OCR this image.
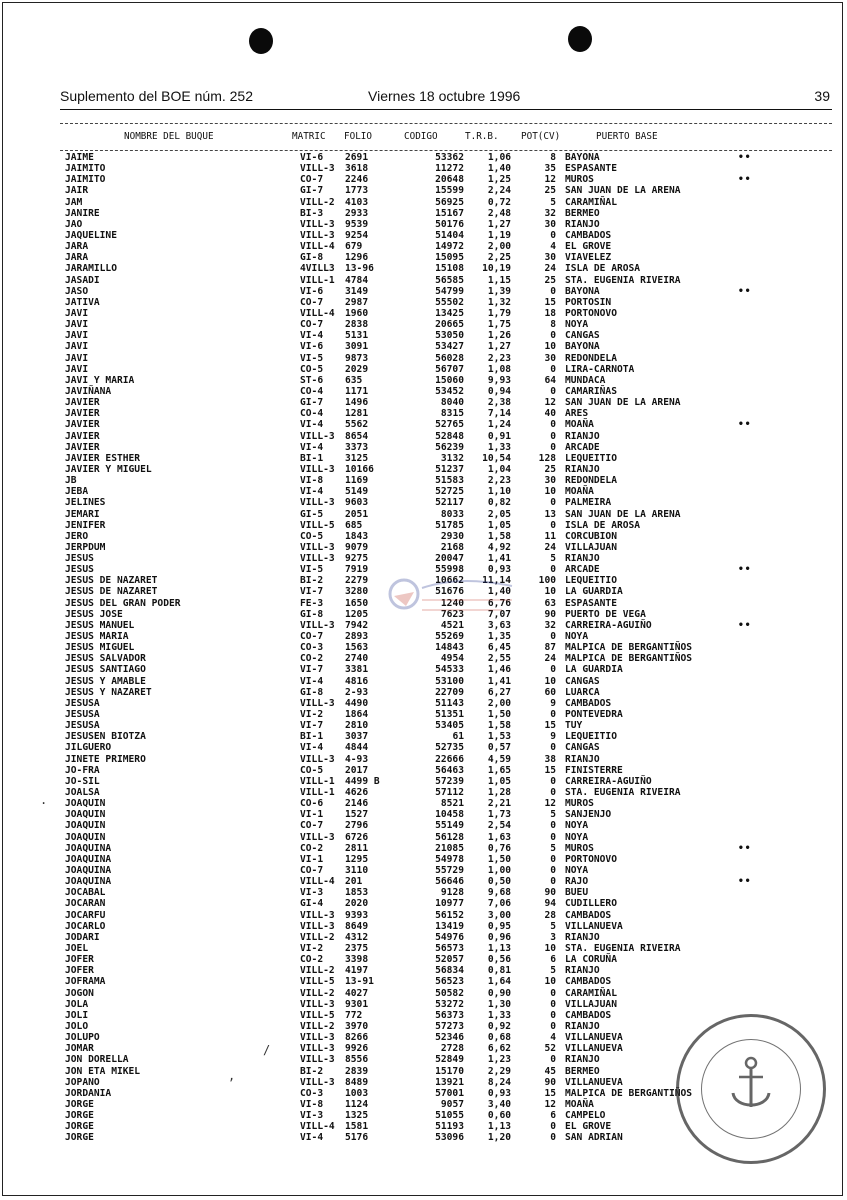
Suplemento del BOE núm. 252	Viernes 18 octubre 1996	39
NOMBRE DEL BUQUE	MATRIC FOLIO	CODIGO	T.R.B. POT(CV)	PUERTO BASE
JAIME	VI-6 2691	53362	1,06	8 BAYONA	••
JAIMITO	VILL-3 3618	11272	1,40	35 ESPASANTE
JAIMITO	CO-7 2246	20648	1,25	12 MUROS	••
JAIR	GI-7 1773	15599	2,24	25 SAN JUAN DE LA ARENA
JAM	VILL-2 4103	56925	0,72	5 CARAMIÑAL
JANIRE	BI-3 2933	15167	2,48	32 BERMEO
JAO	VILL-3 9539	50176	1,27	30 RIANJO
JAQUELINE	VILL-3 9254	51404	1,19	0 CAMBADOS
JARA	VILL-4 679	14972	2,00	4 EL GROVE
JARA	GI-8 1296	15095	2,25	30 VIAVELEZ
JARAMILLO	4VILL3 13-96	15108	10,19	24 ISLA DE AROSA
JASADI	VILL-1 4784	56585	1,15	25 STA. EUGENIA RIVEIRA
JASO	VI-6 3149	54799	1,39	0 BAYONA	••
JATIVA	CO-7 2987	55502	1,32	15 PORTOSIN
JAVI	VILL-4 1960	13425	1,79	18 PORTONOVO
JAVI	CO-7 2838	20665	1,75	8 NOYA
JAVI	VI-4 5131	53050	1,26	0 CANGAS
JAVI	VI-6 3091	53427	1,27	10 BAYONA
JAVI	VI-5 9873	56028	2,23	30 REDONDELA
JAVI	CO-5 2029	56707	1,08	0 LIRA-CARNOTA
JAVI Y MARIA	ST-6 635	15060	9,93	64 MUNDACA
JAVIÑANA	CO-4 1171	53452	0,94	0 CAMARIÑAS
JAVIER	GI-7 1496	8040	2,38	12 SAN JUAN DE LA ARENA
JAVIER	CO-4 1281	8315	7,14	40 ARES
JAVIER	VI-4 5562	52765	1,24	0 MOAÑA	••
JAVIER	VILL-3 8654	52848	0,91	0 RIANJO
JAVIER	VI-4 3373	56239	1,33	0 ARCADE
JAVIER ESTHER	BI-1 3125	3132	10,54	128 LEQUEITIO
JAVIER Y MIGUEL	VILL-3 10166	51237	1,04	25 RIANJO
JB	VI-8 1169	51583	2,23	30 REDONDELA
JEBA	VI-4 5149	52725	1,10	10 MOAÑA
JELINES	VILL-3 9603	52117	0,82	0 PALMEIRA
JEMARI	GI-5 2051	8033	2,05	13 SAN JUAN DE LA ARENA
JENIFER	VILL-5 685	51785	1,05	0 ISLA DE AROSA
JERO	CO-5 1843	2930	1,58	11 CORCUBION
JERPDUM	VILL-3 9079	2168	4,92	24 VILLAJUAN
JESUS	VILL-3 9275	20047	1,41	5 RIANJO
JESUS	VI-5 7919	55998	0,93	0 ARCADE	••
JESUS DE NAZARET	BI-2 2279	10662	11,14	100 LEQUEITIO
JESUS DE NAZARET	VI-7 3280	51676	1,40	10 LA GUARDIA
JESUS DEL GRAN PODER	FE-3 1650	1240	6,76	63 ESPASANTE
JESUS JOSE	GI-8 1205	7623	7,07	90 PUERTO DE VEGA
JESUS MANUEL	VILL-3 7942	4521	3,63	32 CARREIRA-AGUIÑO	••
JESUS MARIA	CO-7 2893	55269	1,35	0 NOYA
JESUS MIGUEL	CO-3 1563	14843	6,45	87 MALPICA DE BERGANTIÑOS
JESUS SALVADOR	CO-2 2740	4954	2,55	24 MALPICA DE BERGANTIÑOS
JESUS SANTIAGO	VI-7 3381	54533	1,46	0 LA GUARDIA
JESUS Y AMABLE	VI-4 4816	53100	1,41	10 CANGAS
JESUS Y NAZARET	GI-8 2-93	22709	6,27	60 LUARCA
JESUSA	VILL-3 4490	51143	2,00	9 CAMBADOS
JESUSA	VI-2 1864	51351	1,50	0 PONTEVEDRA
JESUSA	VI-7 2810	53405	1,58	15 TUY
JESUSEN BIOTZA	BI-1 3037	61	1,53	9 LEQUEITIO
JILGUERO	VI-4 4844	52735	0,57	0 CANGAS
JINETE PRIMERO	VILL-3 4-93	22666	4,59	38 RIANJO
JO-FRA	CO-5 2017	56463	1,65	15 FINISTERRE
JO-SIL	VILL-1 4499 B	57239	1,05	0 CARREIRA-AGUIÑO
JOALSA	VILL-1 4626	57112	1,28	0 STA. EUGENIA RIVEIRA
JOAQUIN	CO-6 2146	8521	2,21	12 MUROS
JOAQUIN	VI-1 1527	10458	1,73	5 SANJENJO
JOAQUIN	CO-7 2796	55149	2,54	0 NOYA
JOAQUIN	VILL-3 6726	56128	1,63	0 NOYA
JOAQUINA	CO-2 2811	21085	0,76	5 MUROS	••
JOAQUINA	VI-1 1295	54978	1,50	0 PORTONOVO
JOAQUINA	CO-7 3110	55729	1,00	0 NOYA
JOAQUINA	VILL-4 201	56646	0,50	0 RAJO	••
JOCABAL	VI-3 1853	9128	9,68	90 BUEU
JOCARAN	GI-4 2020	10977	7,06	94 CUDILLERO
JOCARFU	VILL-3 9393	56152	3,00	28 CAMBADOS
JOCARLO	VILL-3 8649	13419	0,95	5 VILLANUEVA
JODARI	VILL-2 4312	54976	0,96	3 RIANJO
JOEL	VI-2 2375	56573	1,13	10 STA. EUGENIA RIVEIRA
JOFER	CO-2 3398	52057	0,56	6 LA CORUÑA
JOFER	VILL-2 4197	56834	0,81	5 RIANJO
JOFRAMA	VILL-5 13-91	56523	1,64	10 CAMBADOS
JOGON	VILL-2 4027	50582	0,90	0 CARAMIÑAL
JOLA	VILL-3 9301	53272	1,30	0 VILLAJUAN
JOLI	VILL-5 772	56373	1,33	0 CAMBADOS
JOLO	VILL-2 3970	57273	0,92	0 RIANJO
JOLUPO	VILL-3 8266	52346	0,68	4 VILLANUEVA
JOMAR	VILL-3 9926	2728	6,62	52 VILLANUEVA
JON DORELLA	VILL-3 8556	52849	1,23	0 RIANJO
JON ETA MIKEL	BI-2 2839	15170	2,29	45 BERMEO
JOPANO	VILL-3 8489	13921	8,24	90 VILLANUEVA
JORDANIA	CO-3 1003	57001	0,93	15 MALPICA DE BERGANTIÑOS
JORGE	VI-8 1124	9057	3,40	12 MOAÑA
JORGE	VI-3 1325	51055	0,60	6 CAMPELO
JORGE	VILL-4 1581	51193	1,13	0 EL GROVE
JORGE	VI-4 5176	53096	1,20	0 SAN ADRIAN
,
/
.
